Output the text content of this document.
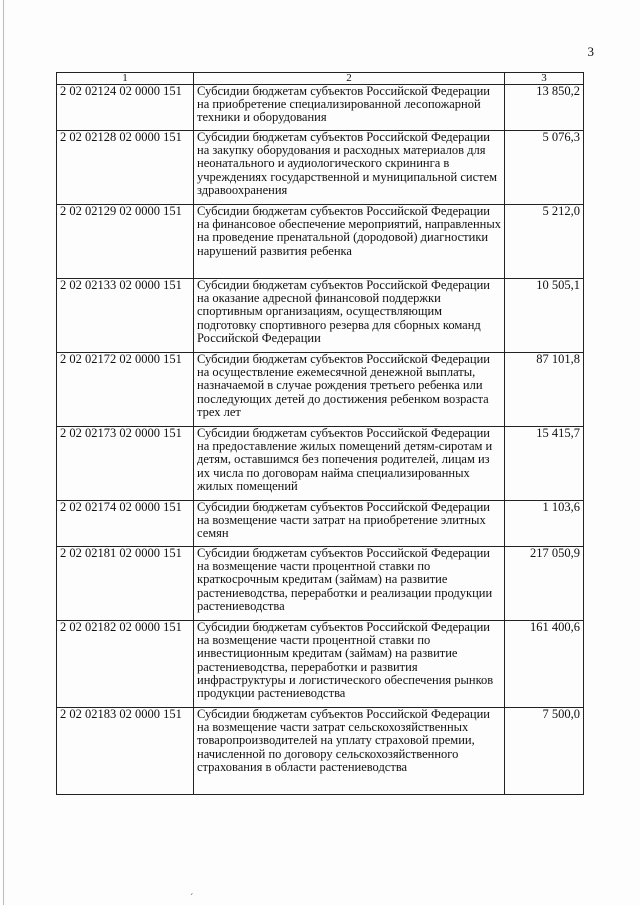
3
1	2	3
2 02 02124 02 0000 151	Субсидии бюджетам субъектов Российской Федерации на приобретение специализированной лесопожарной техники и оборудования	13 850,2
2 02 02128 02 0000 151	Субсидии бюджетам субъектов Российской Федерации на закупку оборудования и расходных материалов для неонатального и аудиологического скрининга в учреждениях государственной и муниципальной систем здравоохранения	5 076,3
2 02 02129 02 0000 151	Субсидии бюджетам субъектов Российской Федерации на финансовое обеспечение мероприятий, направленных на проведение пренатальной (дородовой) диагностики нарушений развития ребенка	5 212,0
2 02 02133 02 0000 151	Субсидии бюджетам субъектов Российской Федерации на оказание адресной финансовой поддержки спортивным организациям, осуществляющим подготовку спортивного резерва для сборных команд Российской Федерации	10 505,1
2 02 02172 02 0000 151	Субсидии бюджетам субъектов Российской Федерации на осуществление ежемесячной денежной выплаты, назначаемой в случае рождения третьего ребенка или последующих детей до достижения ребенком возраста трех лет	87 101,8
2 02 02173 02 0000 151	Субсидии бюджетам субъектов Российской Федерации на предоставление жилых помещений детям-сиротам и детям, оставшимся без попечения родителей, лицам из их числа по договорам найма специализированных жилых помещений	15 415,7
2 02 02174 02 0000 151	Субсидии бюджетам субъектов Российской Федерации на возмещение части затрат на приобретение элитных семян	1 103,6
2 02 02181 02 0000 151	Субсидии бюджетам субъектов Российской Федерации на возмещение части процентной ставки по краткосрочным кредитам (займам) на развитие растениеводства, переработки и реализации продукции растениеводства	217 050,9
2 02 02182 02 0000 151	Субсидии бюджетам субъектов Российской Федерации на возмещение части процентной ставки по инвестиционным кредитам (займам) на развитие растениеводства, переработки и развития инфраструктуры и логистического обеспечения рынков продукции растениеводства	161 400,6
2 02 02183 02 0000 151	Субсидии бюджетам субъектов Российской Федерации на возмещение части затрат сельскохозяйственных товаропроизводителей на уплату страховой премии, начисленной по договору сельскохозяйственного страхования в области растениеводства	7 500,0
ˊ
